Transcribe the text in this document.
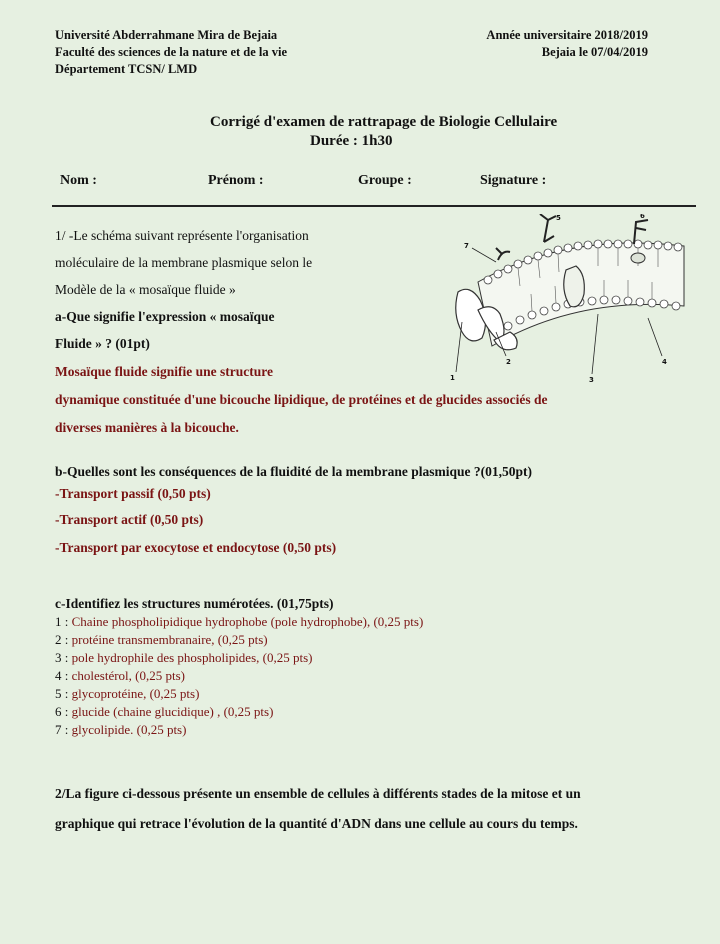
Université Abderrahmane Mira de Bejaia
Faculté des sciences de la nature et de la vie
Département TCSN/ LMD
Année universitaire 2018/2019
Bejaia le 07/04/2019
Corrigé d'examen de rattrapage de Biologie Cellulaire
Durée : 1h30
Nom :	Prénom :	Groupe :	Signature :
1/ -Le schéma suivant représente l'organisation
moléculaire de la membrane plasmique selon le
Modèle de la « mosaïque fluide »
a-Que signifie l'expression « mosaïque
Fluide » ? (01pt)
Mosaïque fluide signifie une structure
dynamique constituée d'une bicouche lipidique, de protéines et de glucides associés de
diverses manières à la bicouche.
1
2
3
4
5	6
7
b-Quelles sont les conséquences de la fluidité de la membrane plasmique ?(01,50pt)
-Transport passif (0,50 pts)
-Transport actif (0,50 pts)
-Transport par exocytose et endocytose (0,50 pts)
c-Identifiez les structures numérotées. (01,75pts)
1 : Chaine phospholipidique hydrophobe (pole hydrophobe), (0,25 pts)
2 : protéine transmembranaire, (0,25 pts)
3 : pole hydrophile des phospholipides, (0,25 pts)
4 : cholestérol, (0,25 pts)
5 : glycoprotéine, (0,25 pts)
6 : glucide (chaine glucidique) , (0,25 pts)
7 : glycolipide. (0,25 pts)
2/La figure ci-dessous présente un ensemble de cellules à différents stades de la mitose et un
graphique qui retrace l'évolution de la quantité d'ADN dans une cellule au cours du temps.
